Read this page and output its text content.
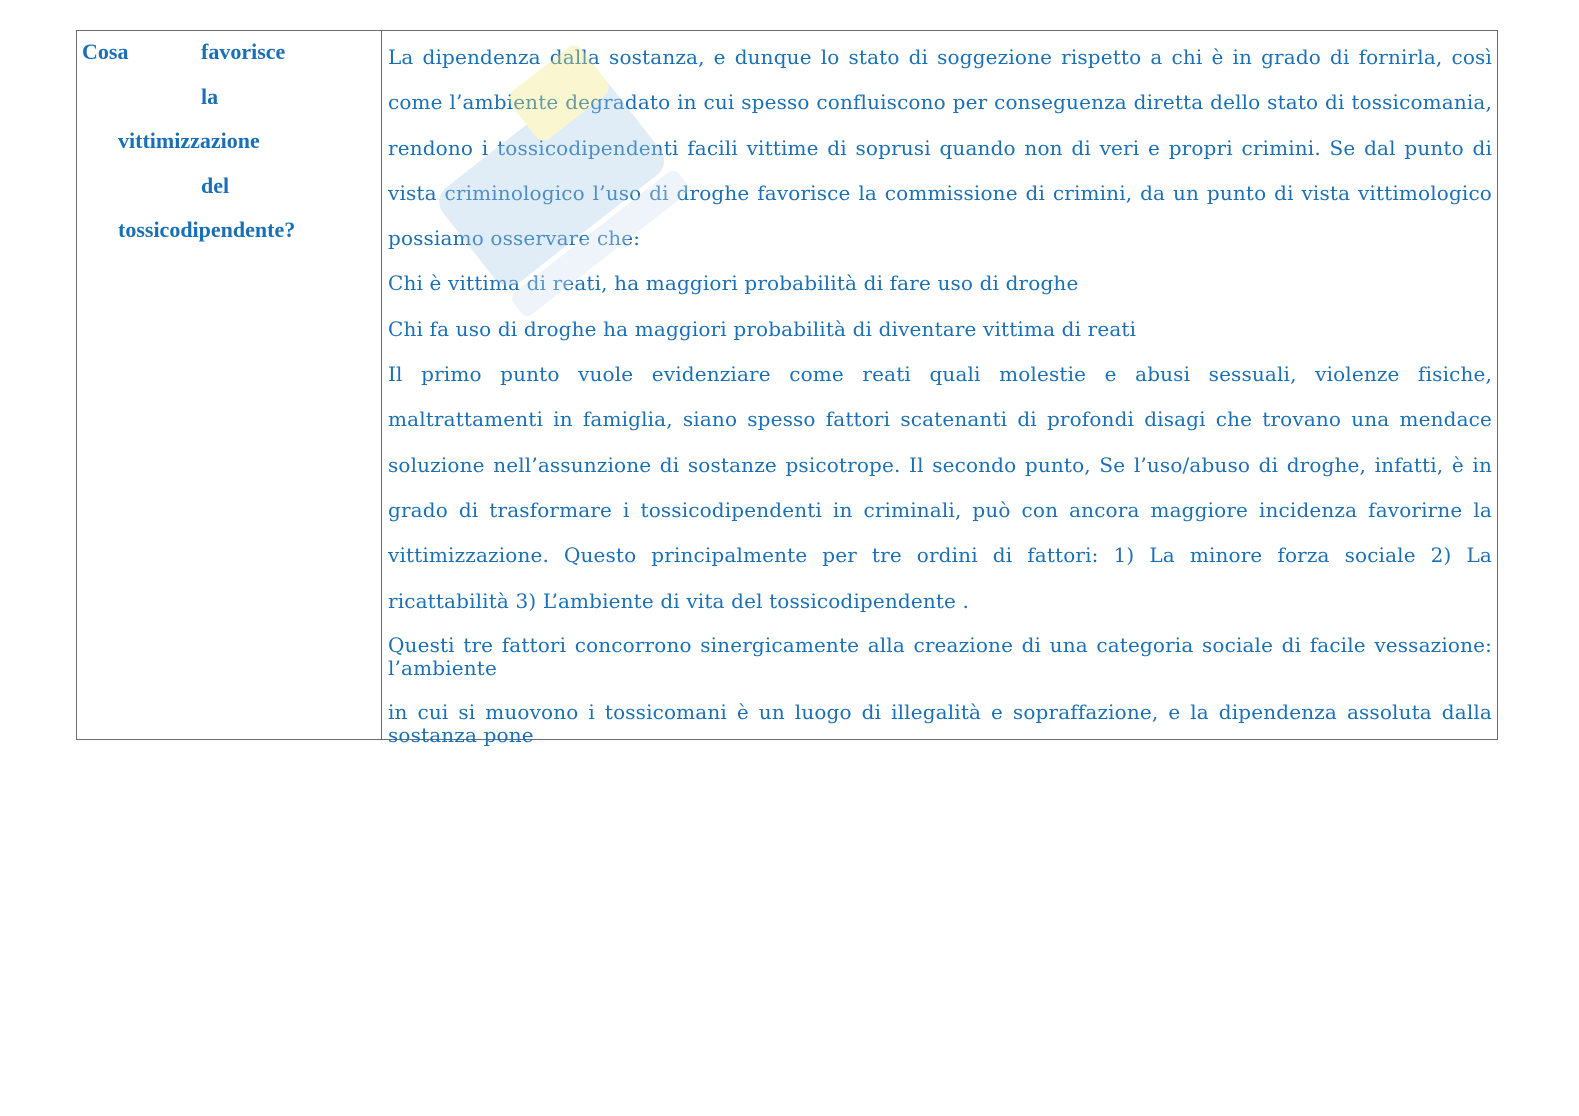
Cosa	favorisce
la
vittimizzazione
del
tossicodipendente?

La dipendenza dalla sostanza, e dunque lo stato di soggezione rispetto a chi è in grado di fornirla, così come l’ambiente degradato in cui spesso confluiscono per conseguenza diretta dello stato di tossicomania, rendono i tossicodipendenti facili vittime di soprusi quando non di veri e propri crimini. Se dal punto di vista criminologico l’uso di droghe favorisce la commissione di crimini, da un punto di vista vittimologico possiamo osservare che:

Chi è vittima di reati, ha maggiori probabilità di fare uso di droghe

Chi fa uso di droghe ha maggiori probabilità di diventare vittima di reati

Il primo punto vuole evidenziare come reati quali molestie e abusi sessuali, violenze fisiche, maltrattamenti in famiglia, siano spesso fattori scatenanti di profondi disagi che trovano una mendace soluzione nell’assunzione di sostanze psicotrope. Il secondo punto, Se l’uso/abuso di droghe, infatti, è in grado di trasformare i tossicodipendenti in criminali, può con ancora maggiore incidenza favorirne la vittimizzazione. Questo principalmente per tre ordini di fattori: 1) La minore forza sociale 2) La ricattabilità 3) L’ambiente di vita del tossicodipendente .

Questi tre fattori concorrono sinergicamente alla creazione di una categoria sociale di facile vessazione: l’ambiente

in cui si muovono i tossicomani è un luogo di illegalità e sopraffazione, e la dipendenza assoluta dalla sostanza pone
